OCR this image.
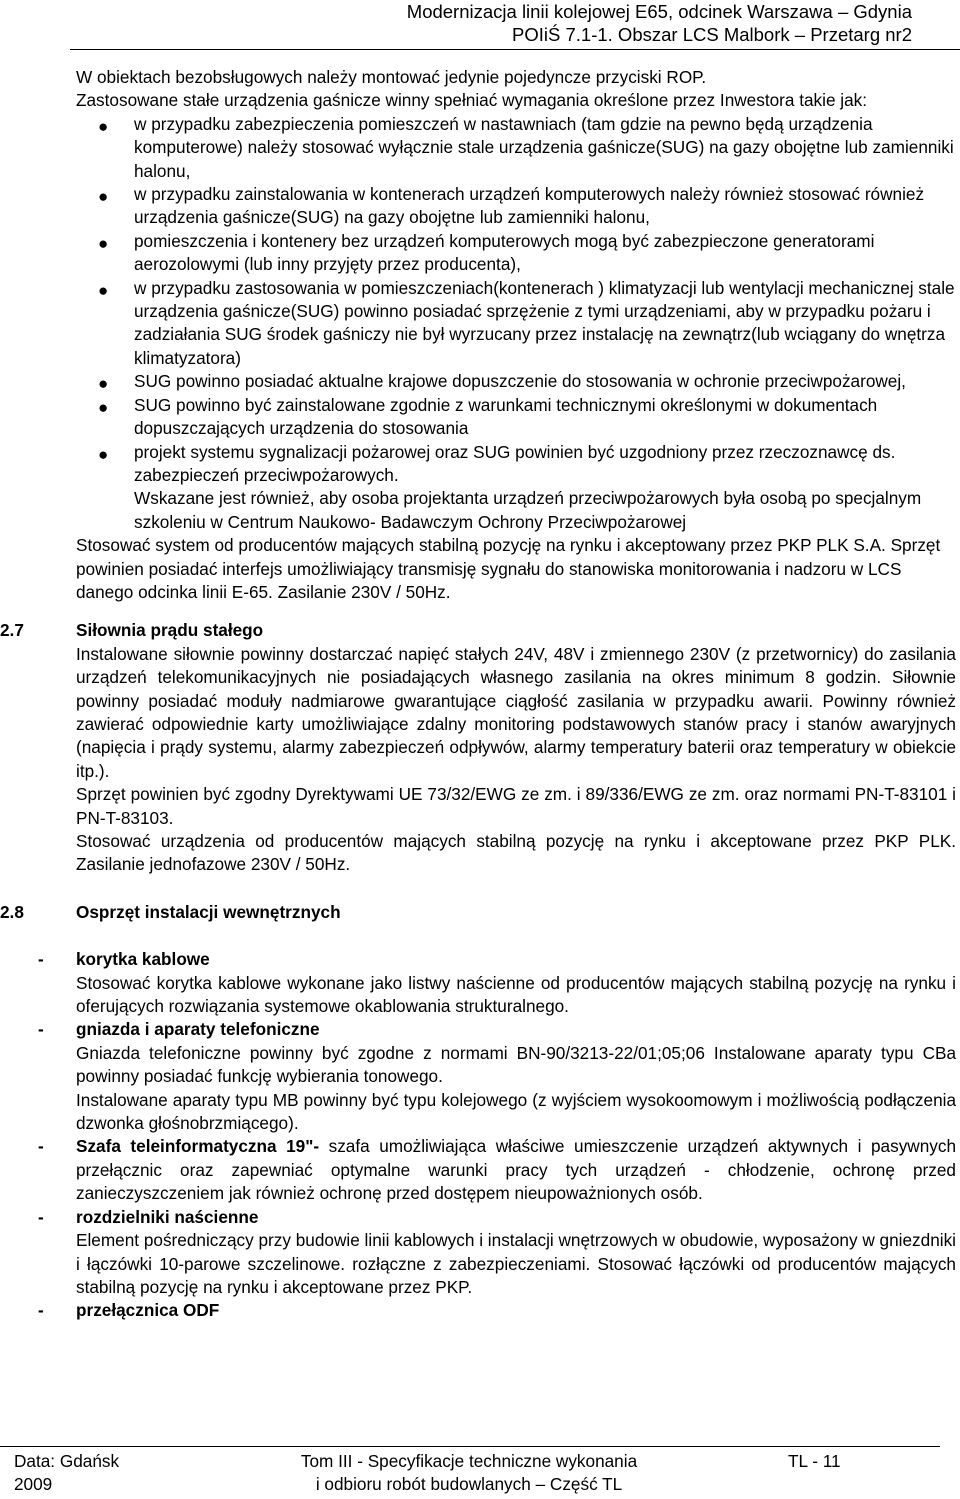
Modernizacja linii kolejowej E65, odcinek Warszawa – Gdynia
POIiŚ 7.1-1. Obszar LCS Malbork – Przetarg nr2

W obiektach bezobsługowych należy montować jedynie pojedyncze przyciski ROP.

Zastosowane stałe urządzenia gaśnicze winny spełniać wymagania określone przez Inwestora takie jak:

● w przypadku zabezpieczenia pomieszczeń w nastawniach (tam gdzie na pewno będą urządzenia komputerowe) należy stosować wyłącznie stale urządzenia gaśnicze(SUG) na gazy obojętne lub zamienniki halonu,
● w przypadku zainstalowania w kontenerach urządzeń komputerowych należy również stosować również urządzenia gaśnicze(SUG) na gazy obojętne lub zamienniki halonu,
● pomieszczenia i kontenery bez urządzeń komputerowych mogą być zabezpieczone generatorami aerozolowymi (lub inny przyjęty przez producenta),
● w przypadku zastosowania w pomieszczeniach(kontenerach ) klimatyzacji lub wentylacji mechanicznej stale urządzenia gaśnicze(SUG) powinno posiadać sprzężenie z tymi urządzeniami, aby w przypadku pożaru i zadziałania SUG środek gaśniczy nie był wyrzucany przez instalację na zewnątrz(lub wciągany do wnętrza klimatyzatora)
● SUG powinno posiadać aktualne krajowe dopuszczenie do stosowania w ochronie przeciwpożarowej,
● SUG powinno być zainstalowane zgodnie z warunkami technicznymi określonymi w dokumentach dopuszczających urządzenia do stosowania
● projekt systemu sygnalizacji pożarowej oraz SUG powinien być uzgodniony przez rzeczoznawcę ds. zabezpieczeń przeciwpożarowych.

Wskazane jest również, aby osoba projektanta urządzeń przeciwpożarowych była osobą po specjalnym szkoleniu w Centrum Naukowo- Badawczym Ochrony Przeciwpożarowej

Stosować system od producentów mających stabilną pozycję na rynku i akceptowany przez PKP PLK S.A. Sprzęt powinien posiadać interfejs umożliwiający transmisję sygnału do stanowiska monitorowania i nadzoru w LCS danego odcinka linii E-65. Zasilanie 230V / 50Hz.

2.7	Siłownia prądu stałego

Instalowane siłownie powinny dostarczać napięć stałych 24V, 48V i zmiennego 230V (z przetwornicy) do zasilania urządzeń telekomunikacyjnych nie posiadających własnego zasilania na okres minimum 8 godzin. Siłownie powinny posiadać moduły nadmiarowe gwarantujące ciągłość zasilania w przypadku awarii. Powinny również zawierać odpowiednie karty umożliwiające zdalny monitoring podstawowych stanów pracy i stanów awaryjnych (napięcia i prądy systemu, alarmy zabezpieczeń odpływów, alarmy temperatury baterii oraz temperatury w obiekcie itp.).

Sprzęt powinien być zgodny Dyrektywami UE 73/32/EWG ze zm. i 89/336/EWG ze zm. oraz normami PN-T-83101 i PN-T-83103.

Stosować urządzenia od producentów mających stabilną pozycję na rynku i akceptowane przez PKP PLK. Zasilanie jednofazowe 230V / 50Hz.

2.8	Osprzęt instalacji wewnętrznych
- korytka kablowe

Stosować korytka kablowe wykonane jako listwy naścienne od producentów mających stabilną pozycję na rynku i oferujących rozwiązania systemowe okablowania strukturalnego.

- gniazda i aparaty telefoniczne

Gniazda telefoniczne powinny być zgodne z normami BN-90/3213-22/01;05;06 Instalowane aparaty typu CBa powinny posiadać funkcję wybierania tonowego.

Instalowane aparaty typu MB powinny być typu kolejowego (z wyjściem wysokoomowym i możliwością podłączenia dzwonka głośnobrzmiącego).

- Szafa teleinformatyczna 19"- szafa umożliwiająca właściwe umieszczenie urządzeń aktywnych i pasywnych przełącznic oraz zapewniać optymalne warunki pracy tych urządzeń - chłodzenie, ochronę przed zanieczyszczeniem jak również ochronę przed dostępem nieupoważnionych osób.

- rozdzielniki naścienne

Element pośredniczący przy budowie linii kablowych i instalacji wnętrzowych w obudowie, wyposażony w gniezdniki i łączówki 10-parowe szczelinowe. rozłączne z zabezpieczeniami. Stosować łączówki od producentów mających stabilną pozycję na rynku i akceptowane przez PKP.

- przełącznica ODF
Data: Gdańsk
2009
Tom III - Specyfikacje techniczne wykonania
i odbioru robót budowlanych – Część TL
TL - 11
